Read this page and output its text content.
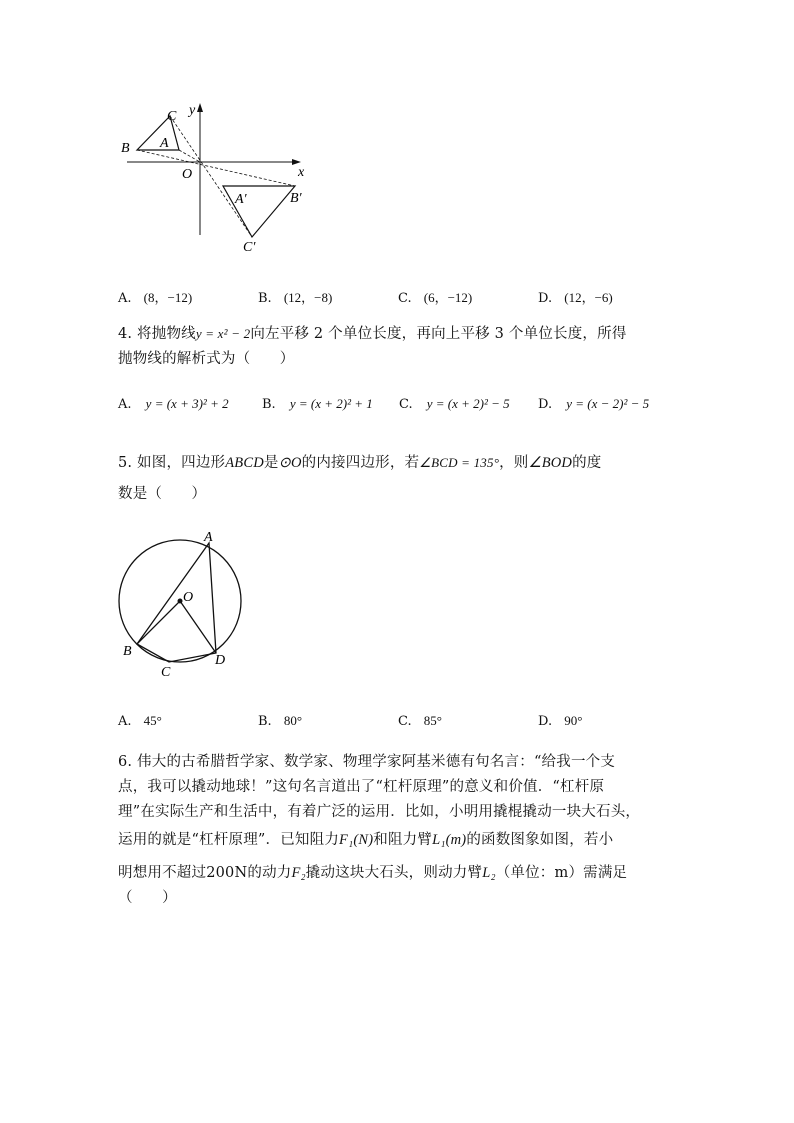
y
x
C
A
B
O
A′	B′
C′
A. (8，−12)	B. (12，−8)	C. (6，−12)	D. (12，−6)
4. 将抛物线y = x² − 2向左平移 2 个单位长度，再向上平移 3 个单位长度，所得
抛物线的解析式为（　　）
A. y = (x + 3)² + 2	B. y = (x + 2)² + 1 C. y = (x + 2)² − 5 D. y = (x − 2)² − 5
5. 如图，四边形ABCD是⊙O的内接四边形，若∠BCD = 135°，则∠BOD的度
数是（　　）
A
O
B
C
D
A. 45°	B. 80°	C. 85°	D. 90°
6. 伟大的古希腊哲学家、数学家、物理学家阿基米德有句名言：“给我一个支
点，我可以撬动地球！”这句名言道出了“杠杆原理”的意义和价值．“杠杆原
理”在实际生产和生活中，有着广泛的运用．比如，小明用撬棍撬动一块大石头，
运用的就是“杠杆原理”．已知阻力F₁(N)和阻力臂L₁(m)的函数图象如图，若小
明想用不超过200N的动力F₂撬动这块大石头，则动力臂L₂（单位：m）需满足
（　　）
